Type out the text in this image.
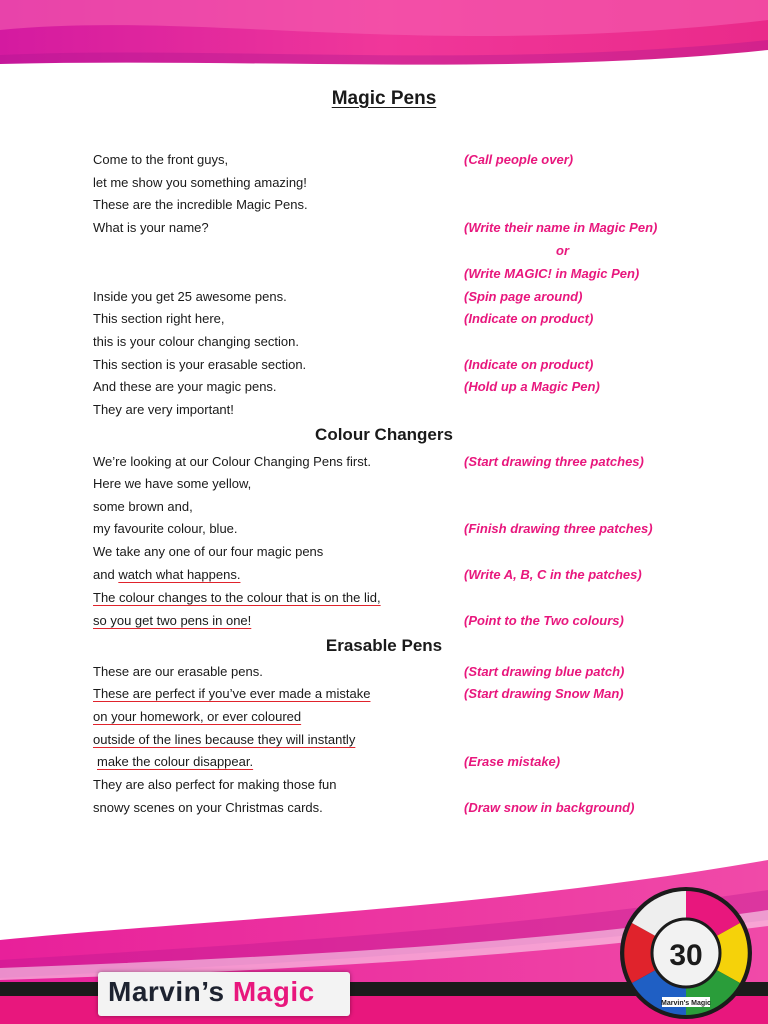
Magic Pens
Come to the front guys,
let me show you something amazing!
These are the incredible Magic Pens.
What is your name?
Inside you get 25 awesome pens.
This section right here,
this is your colour changing section.
This section is your erasable section.
And these are your magic pens.
They are very important!
(Call people over)
(Write their name in Magic Pen)
or
(Write MAGIC! in Magic Pen)
(Spin page around)
(Indicate on product)
(Indicate on product)
(Hold up a Magic Pen)
Colour Changers
We’re looking at our Colour Changing Pens first.
Here we have some yellow,
some brown and,
my favourite colour, blue.
We take any one of our four magic pens
and watch what happens.
The colour changes to the colour that is on the lid,
so you get two pens in one!
(Start drawing three patches)
(Finish drawing three patches)
(Write A, B, C in the patches)
(Point to the Two colours)
Erasable Pens
These are our erasable pens.
These are perfect if you’ve ever made a mistake
on your homework, or ever coloured
outside of the lines because they will instantly
make the colour disappear.
They are also perfect for making those fun
snowy scenes on your Christmas cards.
(Start drawing blue patch)
(Start drawing Snow Man)
(Erase mistake)
(Draw snow in background)
Marvin’s Magic
30
Marvin's Magic
